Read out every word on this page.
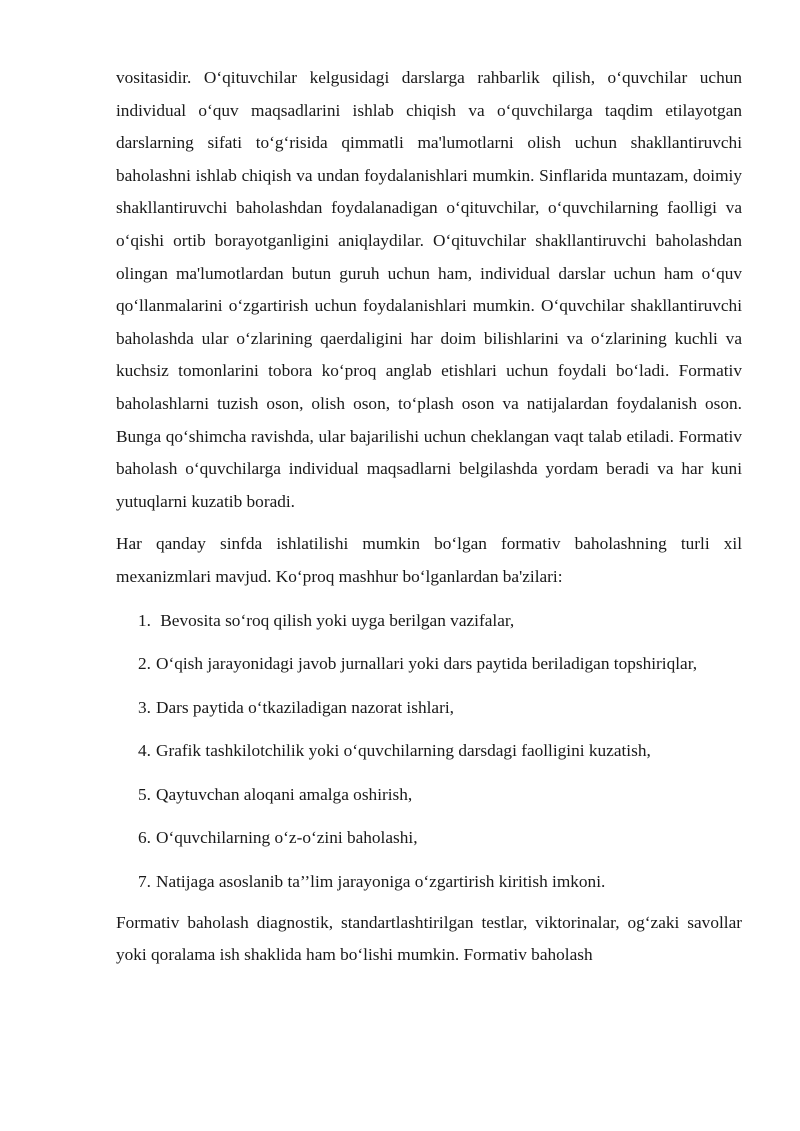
vositasidir. O‘qituvchilar kelgusidagi darslarga rahbarlik qilish, o‘quvchilar uchun individual o‘quv maqsadlarini ishlab chiqish va o‘quvchilarga taqdim etilayotgan darslarning sifati to‘g‘risida qimmatli ma'lumotlarni olish uchun shakllantiruvchi baholashni ishlab chiqish va undan foydalanishlari mumkin. Sinflarida muntazam, doimiy shakllantiruvchi baholashdan foydalanadigan o‘qituvchilar, o‘quvchilarning faolligi va o‘qishi ortib borayotganligini aniqlaydilar. O‘qituvchilar shakllantiruvchi baholashdan olingan ma'lumotlardan butun guruh uchun ham, individual darslar uchun ham o‘quv qo‘llanmalarini o‘zgartirish uchun foydalanishlari mumkin. O‘quvchilar shakllantiruvchi baholashda ular o‘zlarining qaerdaligini har doim bilishlarini va o‘zlarining kuchli va kuchsiz tomonlarini tobora ko‘proq anglab etishlari uchun foydali bo‘ladi. Formativ baholashlarni tuzish oson, olish oson, to‘plash oson va natijalardan foydalanish oson. Bunga qo‘shimcha ravishda, ular bajarilishi uchun cheklangan vaqt talab etiladi. Formativ baholash o‘quvchilarga individual maqsadlarni belgilashda yordam beradi va har kuni yutuqlarni kuzatib boradi.

Har qanday sinfda ishlatilishi mumkin bo‘lgan formativ baholashning turli xil mexanizmlari mavjud. Ko‘proq mashhur bo‘lganlardan ba'zilari:

1. Bevosita so‘roq qilish yoki uyga berilgan vazifalar,
2. O‘qish jarayonidagi javob jurnallari yoki dars paytida beriladigan topshiriqlar,
3. Dars paytida o‘tkaziladigan nazorat ishlari,
4. Grafik tashkilotchilik yoki o‘quvchilarning darsdagi faolligini kuzatish,
5. Qaytuvchan aloqani amalga oshirish,
6. O‘quvchilarning o‘z-o‘zini baholashi,
7. Natijaga asoslanib ta’’lim jarayoniga o‘zgartirish kiritish imkoni.

Formativ baholash diagnostik, standartlashtirilgan testlar, viktorinalar, og‘zaki savollar yoki qoralama ish shaklida ham bo‘lishi mumkin. Formativ baholash
